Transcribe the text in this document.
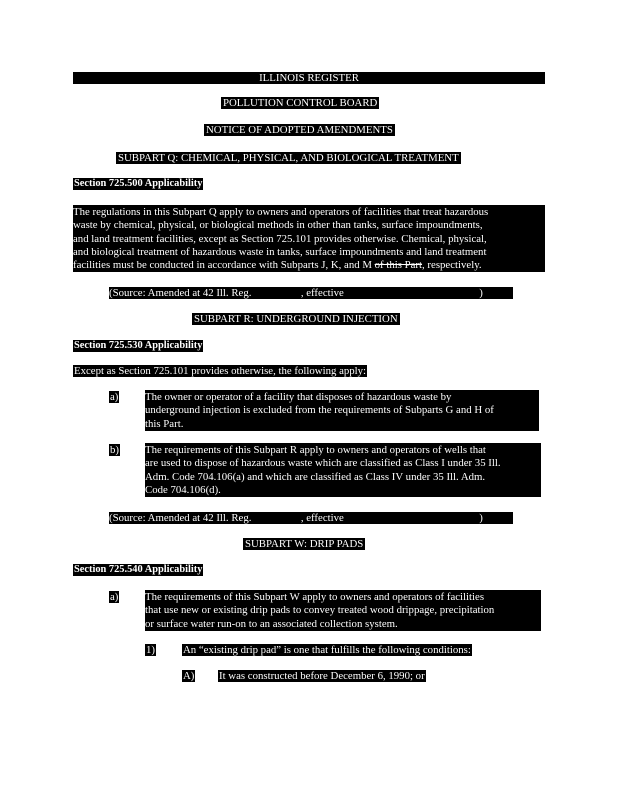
ILLINOIS REGISTER
POLLUTION CONTROL BOARD
NOTICE OF ADOPTED AMENDMENTS
SUBPART Q: CHEMICAL, PHYSICAL, AND BIOLOGICAL TREATMENT
Section 725.500 Applicability
The regulations in this Subpart Q apply to owners and operators of facilities that treat hazardous
waste by chemical, physical, or biological methods in other than tanks, surface impoundments,
and land treatment facilities, except as Section 725.101 provides otherwise. Chemical, physical,
and biological treatment of hazardous waste in tanks, surface impoundments and land treatment
facilities must be conducted in accordance with Subparts J, K, and M of this Part, respectively.
(Source: Amended at 42 Ill. Reg.	, effective	)
SUBPART R: UNDERGROUND INJECTION
Section 725.530 Applicability
Except as Section 725.101 provides otherwise, the following apply:
a) The owner or operator of a facility that disposes of hazardous waste by
underground injection is excluded from the requirements of Subparts G and H of
this Part.
b) The requirements of this Subpart R apply to owners and operators of wells that
are used to dispose of hazardous waste which are classified as Class I under 35 Ill.
Adm. Code 704.106(a) and which are classified as Class IV under 35 Ill. Adm.
Code 704.106(d).
(Source: Amended at 42 Ill. Reg.	, effective	)
SUBPART W: DRIP PADS
Section 725.540 Applicability
a) The requirements of this Subpart W apply to owners and operators of facilities
that use new or existing drip pads to convey treated wood drippage, precipitation
or surface water run-on to an associated collection system.
1)	An “existing drip pad” is one that fulfills the following conditions:
A) It was constructed before December 6, 1990; or
